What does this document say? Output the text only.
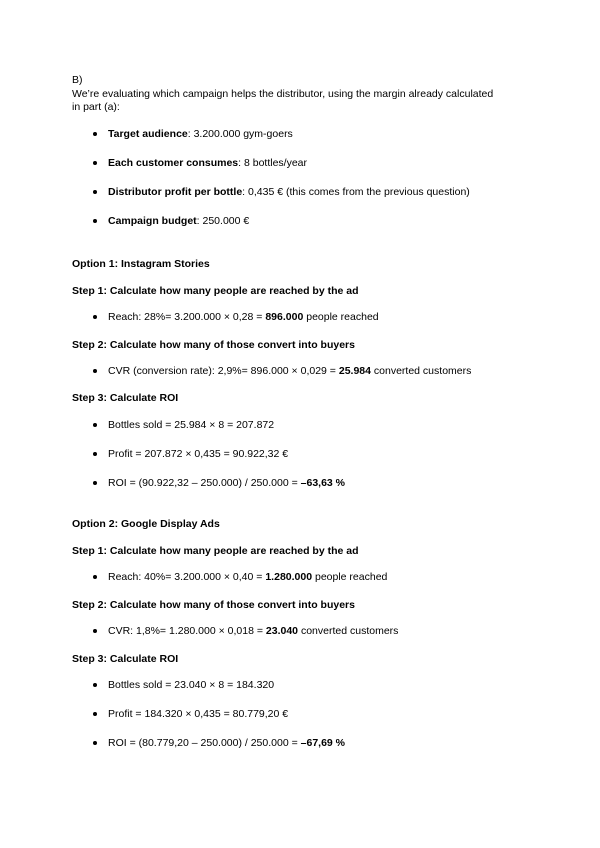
B)
We’re evaluating which campaign helps the distributor, using the margin already calculated
in part (a):
Target audience: 3.200.000 gym-goers
Each customer consumes: 8 bottles/year
Distributor profit per bottle: 0,435 € (this comes from the previous question)
Campaign budget: 250.000 €
Option 1: Instagram Stories
Step 1: Calculate how many people are reached by the ad
Reach: 28%= 3.200.000 × 0,28 = 896.000 people reached
Step 2: Calculate how many of those convert into buyers
CVR (conversion rate): 2,9%= 896.000 × 0,029 = 25.984 converted customers
Step 3: Calculate ROI
Bottles sold = 25.984 × 8 = 207.872
Profit = 207.872 × 0,435 = 90.922,32 €
ROI = (90.922,32 – 250.000) / 250.000 = –63,63 %
Option 2: Google Display Ads
Step 1: Calculate how many people are reached by the ad
Reach: 40%= 3.200.000 × 0,40 = 1.280.000 people reached
Step 2: Calculate how many of those convert into buyers
CVR: 1,8%= 1.280.000 × 0,018 = 23.040 converted customers
Step 3: Calculate ROI
Bottles sold = 23.040 × 8 = 184.320
Profit = 184.320 × 0,435 = 80.779,20 €
ROI = (80.779,20 – 250.000) / 250.000 = –67,69 %
